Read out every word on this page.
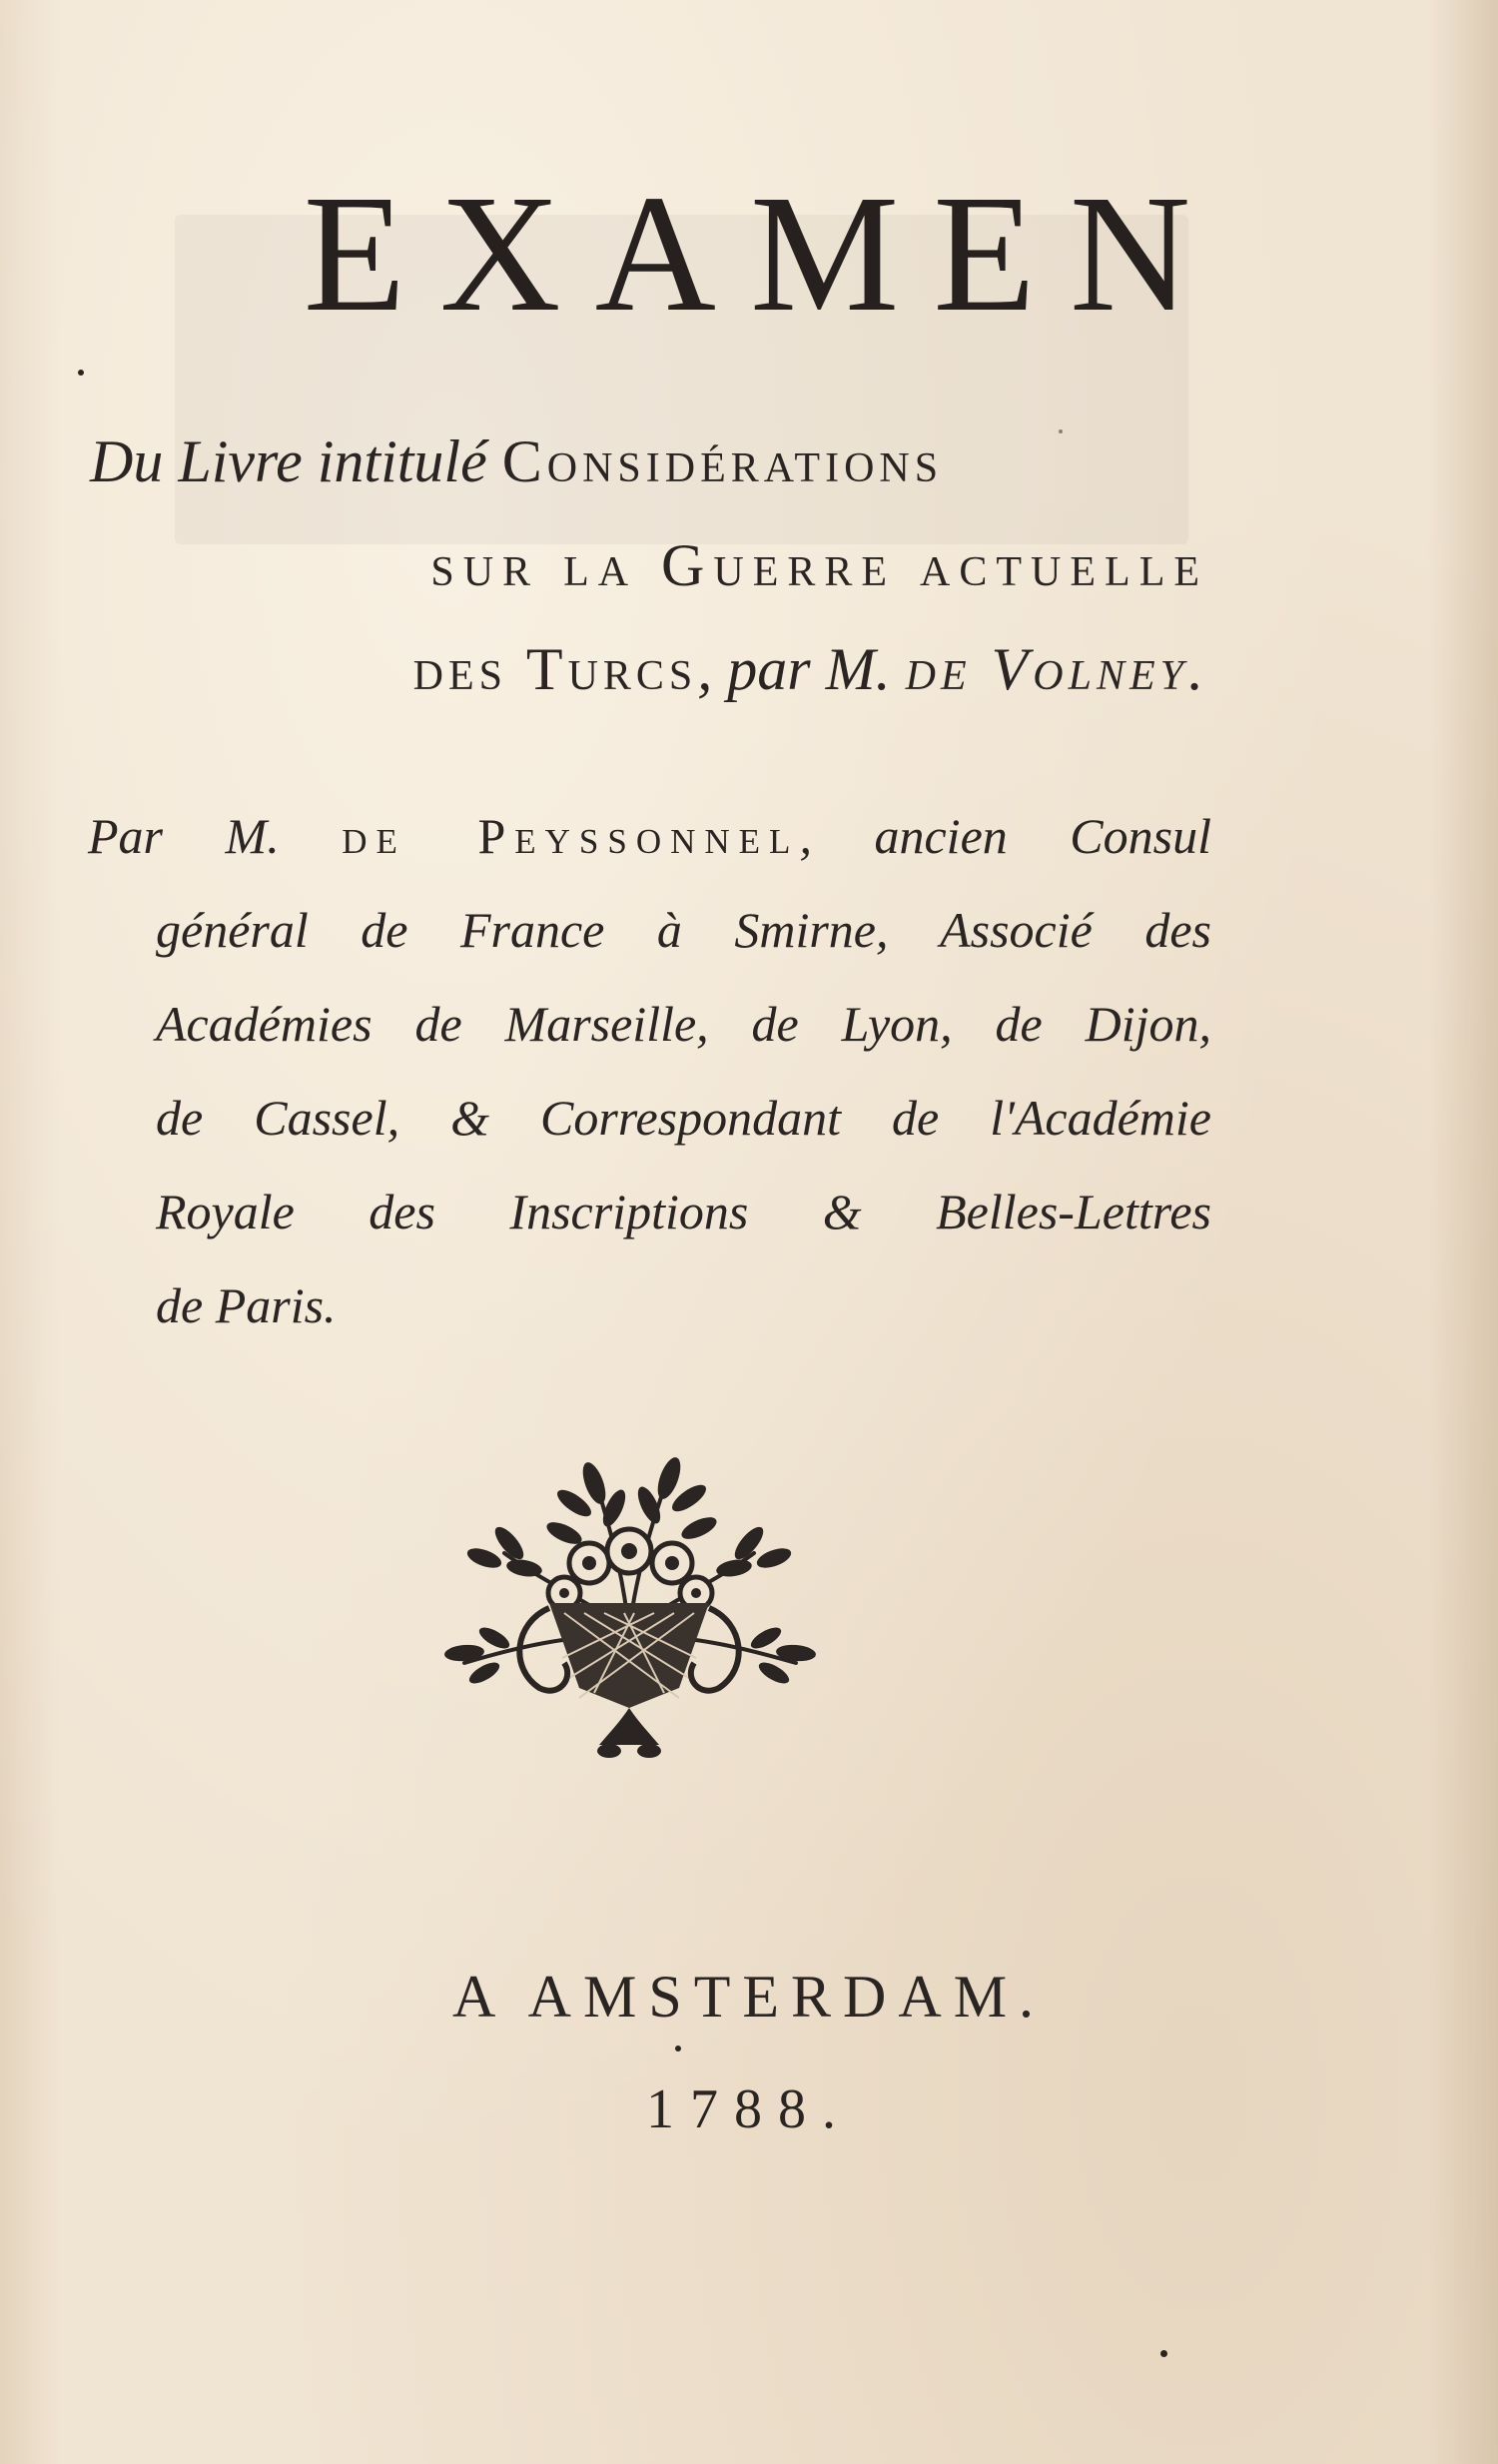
EXAMEN
Du Livre intitulé Considérations
sur la Guerre actuelle
des Turcs, par M. de Volney.
Par M. de Peyssonnel, ancien Consul
général de France à Smirne, Associé des
Académies de Marseille, de Lyon, de Dijon,
de Cassel, & Correspondant de l'Académie
Royale des Inscriptions & Belles-Lettres
de Paris.
A AMSTERDAM.
1788.
